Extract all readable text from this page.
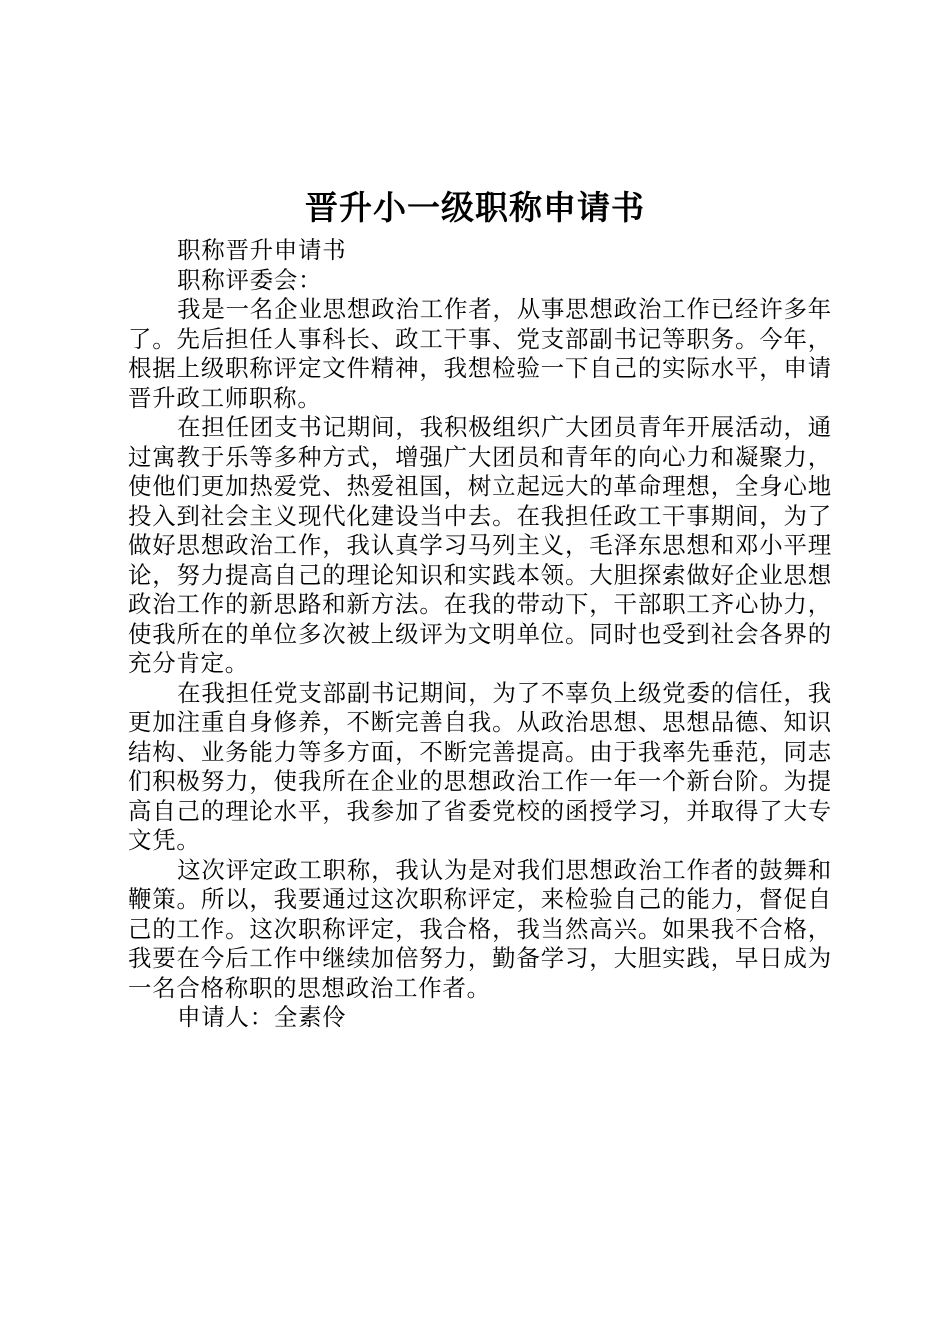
晋升小一级职称申请书

职称晋升申请书

职称评委会：

我是一名企业思想政治工作者，从事思想政治工作已经许多年了。先后担任人事科长、政工干事、党支部副书记等职务。今年，根据上级职称评定文件精神，我想检验一下自己的实际水平，申请晋升政工师职称。

在担任团支书记期间，我积极组织广大团员青年开展活动，通过寓教于乐等多种方式，增强广大团员和青年的向心力和凝聚力，使他们更加热爱党、热爱祖国，树立起远大的革命理想，全身心地投入到社会主义现代化建设当中去。在我担任政工干事期间，为了做好思想政治工作，我认真学习马列主义，毛泽东思想和邓小平理论，努力提高自己的理论知识和实践本领。大胆探索做好企业思想政治工作的新思路和新方法。在我的带动下，干部职工齐心协力，使我所在的单位多次被上级评为文明单位。同时也受到社会各界的充分肯定。

在我担任党支部副书记期间，为了不辜负上级党委的信任，我更加注重自身修养，不断完善自我。从政治思想、思想品德、知识结构、业务能力等多方面，不断完善提高。由于我率先垂范，同志们积极努力，使我所在企业的思想政治工作一年一个新台阶。为提高自己的理论水平，我参加了省委党校的函授学习，并取得了大专文凭。

这次评定政工职称，我认为是对我们思想政治工作者的鼓舞和鞭策。所以，我要通过这次职称评定，来检验自己的能力，督促自己的工作。这次职称评定，我合格，我当然高兴。如果我不合格，我要在今后工作中继续加倍努力，勤备学习，大胆实践，早日成为一名合格称职的思想政治工作者。

申请人：全素伶
